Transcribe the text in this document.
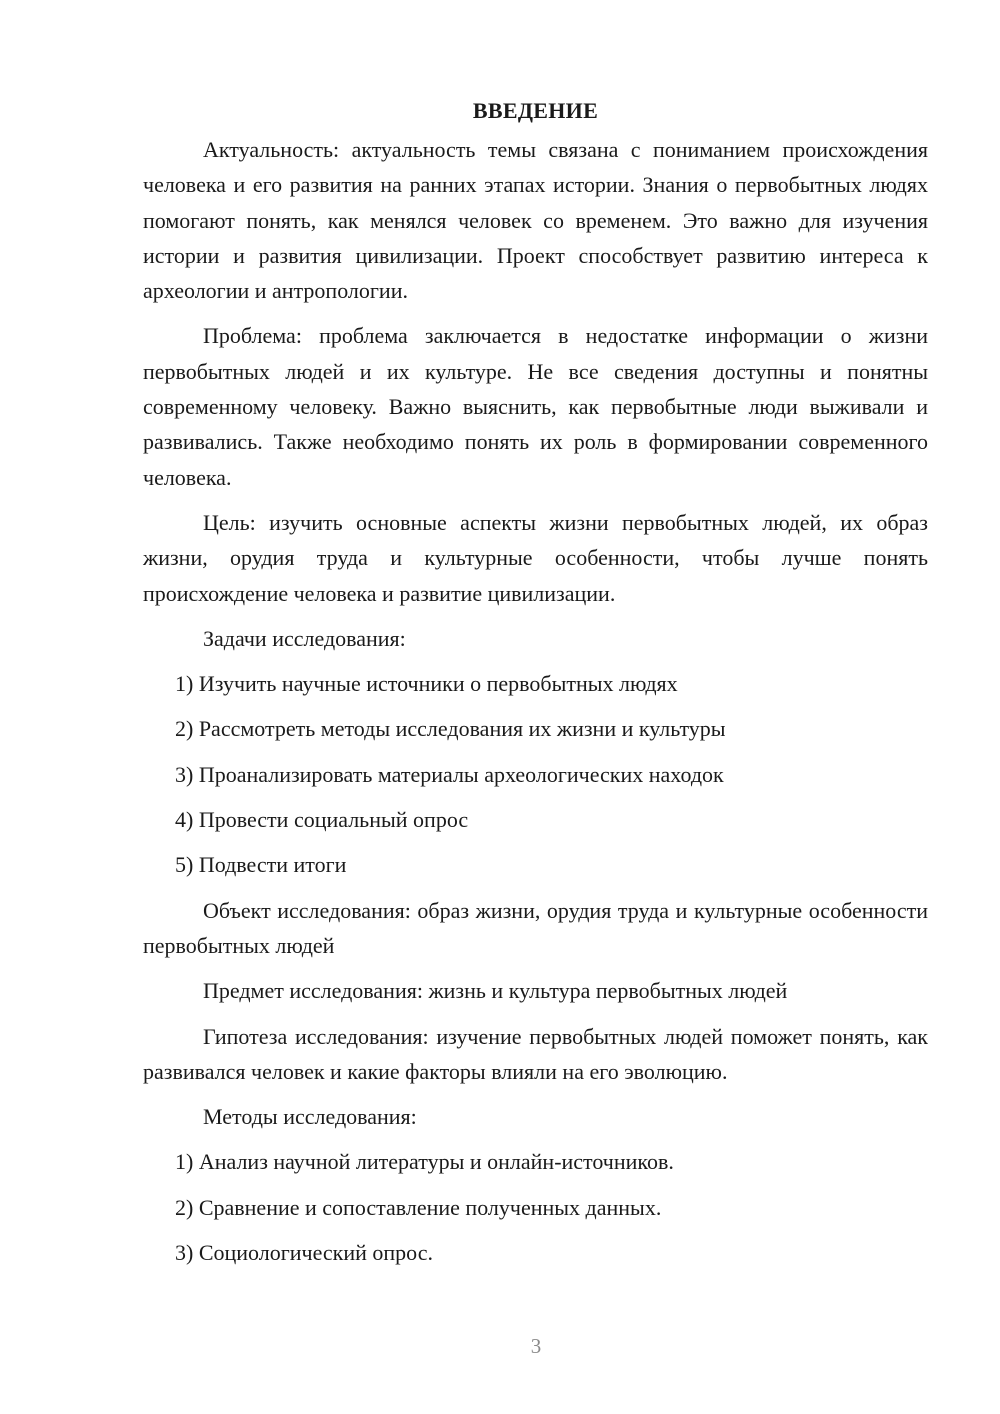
ВВЕДЕНИЕ

Актуальность: актуальность темы связана с пониманием происхождения человека и его развития на ранних этапах истории. Знания о первобытных людях помогают понять, как менялся человек со временем. Это важно для изучения истории и развития цивилизации. Проект способствует развитию интереса к археологии и антропологии.

Проблема: проблема заключается в недостатке информации о жизни первобытных людей и их культуре. Не все сведения доступны и понятны современному человеку. Важно выяснить, как первобытные люди выживали и развивались. Также необходимо понять их роль в формировании современного человека.

Цель: изучить основные аспекты жизни первобытных людей, их образ жизни, орудия труда и культурные особенности, чтобы лучше понять происхождение человека и развитие цивилизации.

Задачи исследования:

1) Изучить научные источники о первобытных людях
2) Рассмотреть методы исследования их жизни и культуры
3) Проанализировать материалы археологических находок
4) Провести социальный опрос
5) Подвести итоги

Объект исследования: образ жизни, орудия труда и культурные особенности первобытных людей

Предмет исследования: жизнь и культура первобытных людей

Гипотеза исследования: изучение первобытных людей поможет понять, как развивался человек и какие факторы влияли на его эволюцию.

Методы исследования:

1) Анализ научной литературы и онлайн-источников.
2) Сравнение и сопоставление полученных данных.
3) Социологический опрос.
3
